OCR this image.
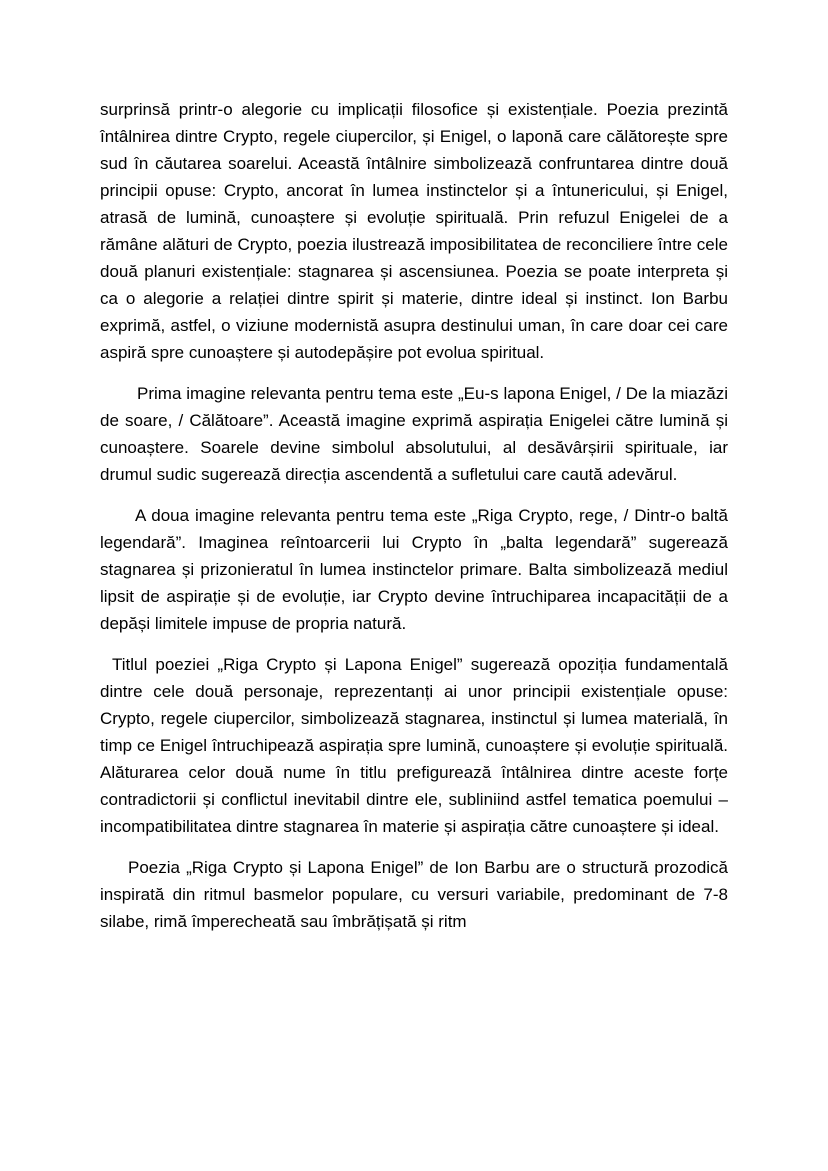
surprinsă printr-o alegorie cu implicații filosofice și existențiale. Poezia prezintă întâlnirea dintre Crypto, regele ciupercilor, și Enigel, o laponă care călătorește spre sud în căutarea soarelui. Această întâlnire simbolizează confruntarea dintre două principii opuse: Crypto, ancorat în lumea instinctelor și a întunericului, și Enigel, atrasă de lumină, cunoaștere și evoluție spirituală. Prin refuzul Enigelei de a rămâne alături de Crypto, poezia ilustrează imposibilitatea de reconciliere între cele două planuri existențiale: stagnarea și ascensiunea. Poezia se poate interpreta și ca o alegorie a relației dintre spirit și materie, dintre ideal și instinct. Ion Barbu exprimă, astfel, o viziune modernistă asupra destinului uman, în care doar cei care aspiră spre cunoaștere și autodepășire pot evolua spiritual.

Prima imagine relevanta pentru tema este „Eu-s lapona Enigel, / De la miazăzi de soare, / Călătoare”. Această imagine exprimă aspirația Enigelei către lumină și cunoaștere. Soarele devine simbolul absolutului, al desăvârșirii spirituale, iar drumul sudic sugerează direcția ascendentă a sufletului care caută adevărul.

A doua imagine relevanta pentru tema este „Riga Crypto, rege, / Dintr-o baltă legendară”. Imaginea reîntoarcerii lui Crypto în „balta legendară” sugerează stagnarea și prizonieratul în lumea instinctelor primare. Balta simbolizează mediul lipsit de aspirație și de evoluție, iar Crypto devine întruchiparea incapacității de a depăși limitele impuse de propria natură.

Titlul poeziei „Riga Crypto și Lapona Enigel” sugerează opoziția fundamentală dintre cele două personaje, reprezentanți ai unor principii existențiale opuse: Crypto, regele ciupercilor, simbolizează stagnarea, instinctul și lumea materială, în timp ce Enigel întruchipează aspirația spre lumină, cunoaștere și evoluție spirituală. Alăturarea celor două nume în titlu prefigurează întâlnirea dintre aceste forțe contradictorii și conflictul inevitabil dintre ele, subliniind astfel tematica poemului – incompatibilitatea dintre stagnarea în materie și aspirația către cunoaștere și ideal.

Poezia „Riga Crypto și Lapona Enigel” de Ion Barbu are o structură prozodică inspirată din ritmul basmelor populare, cu versuri variabile, predominant de 7-8 silabe, rimă împerecheată sau îmbrățișată și ritm
